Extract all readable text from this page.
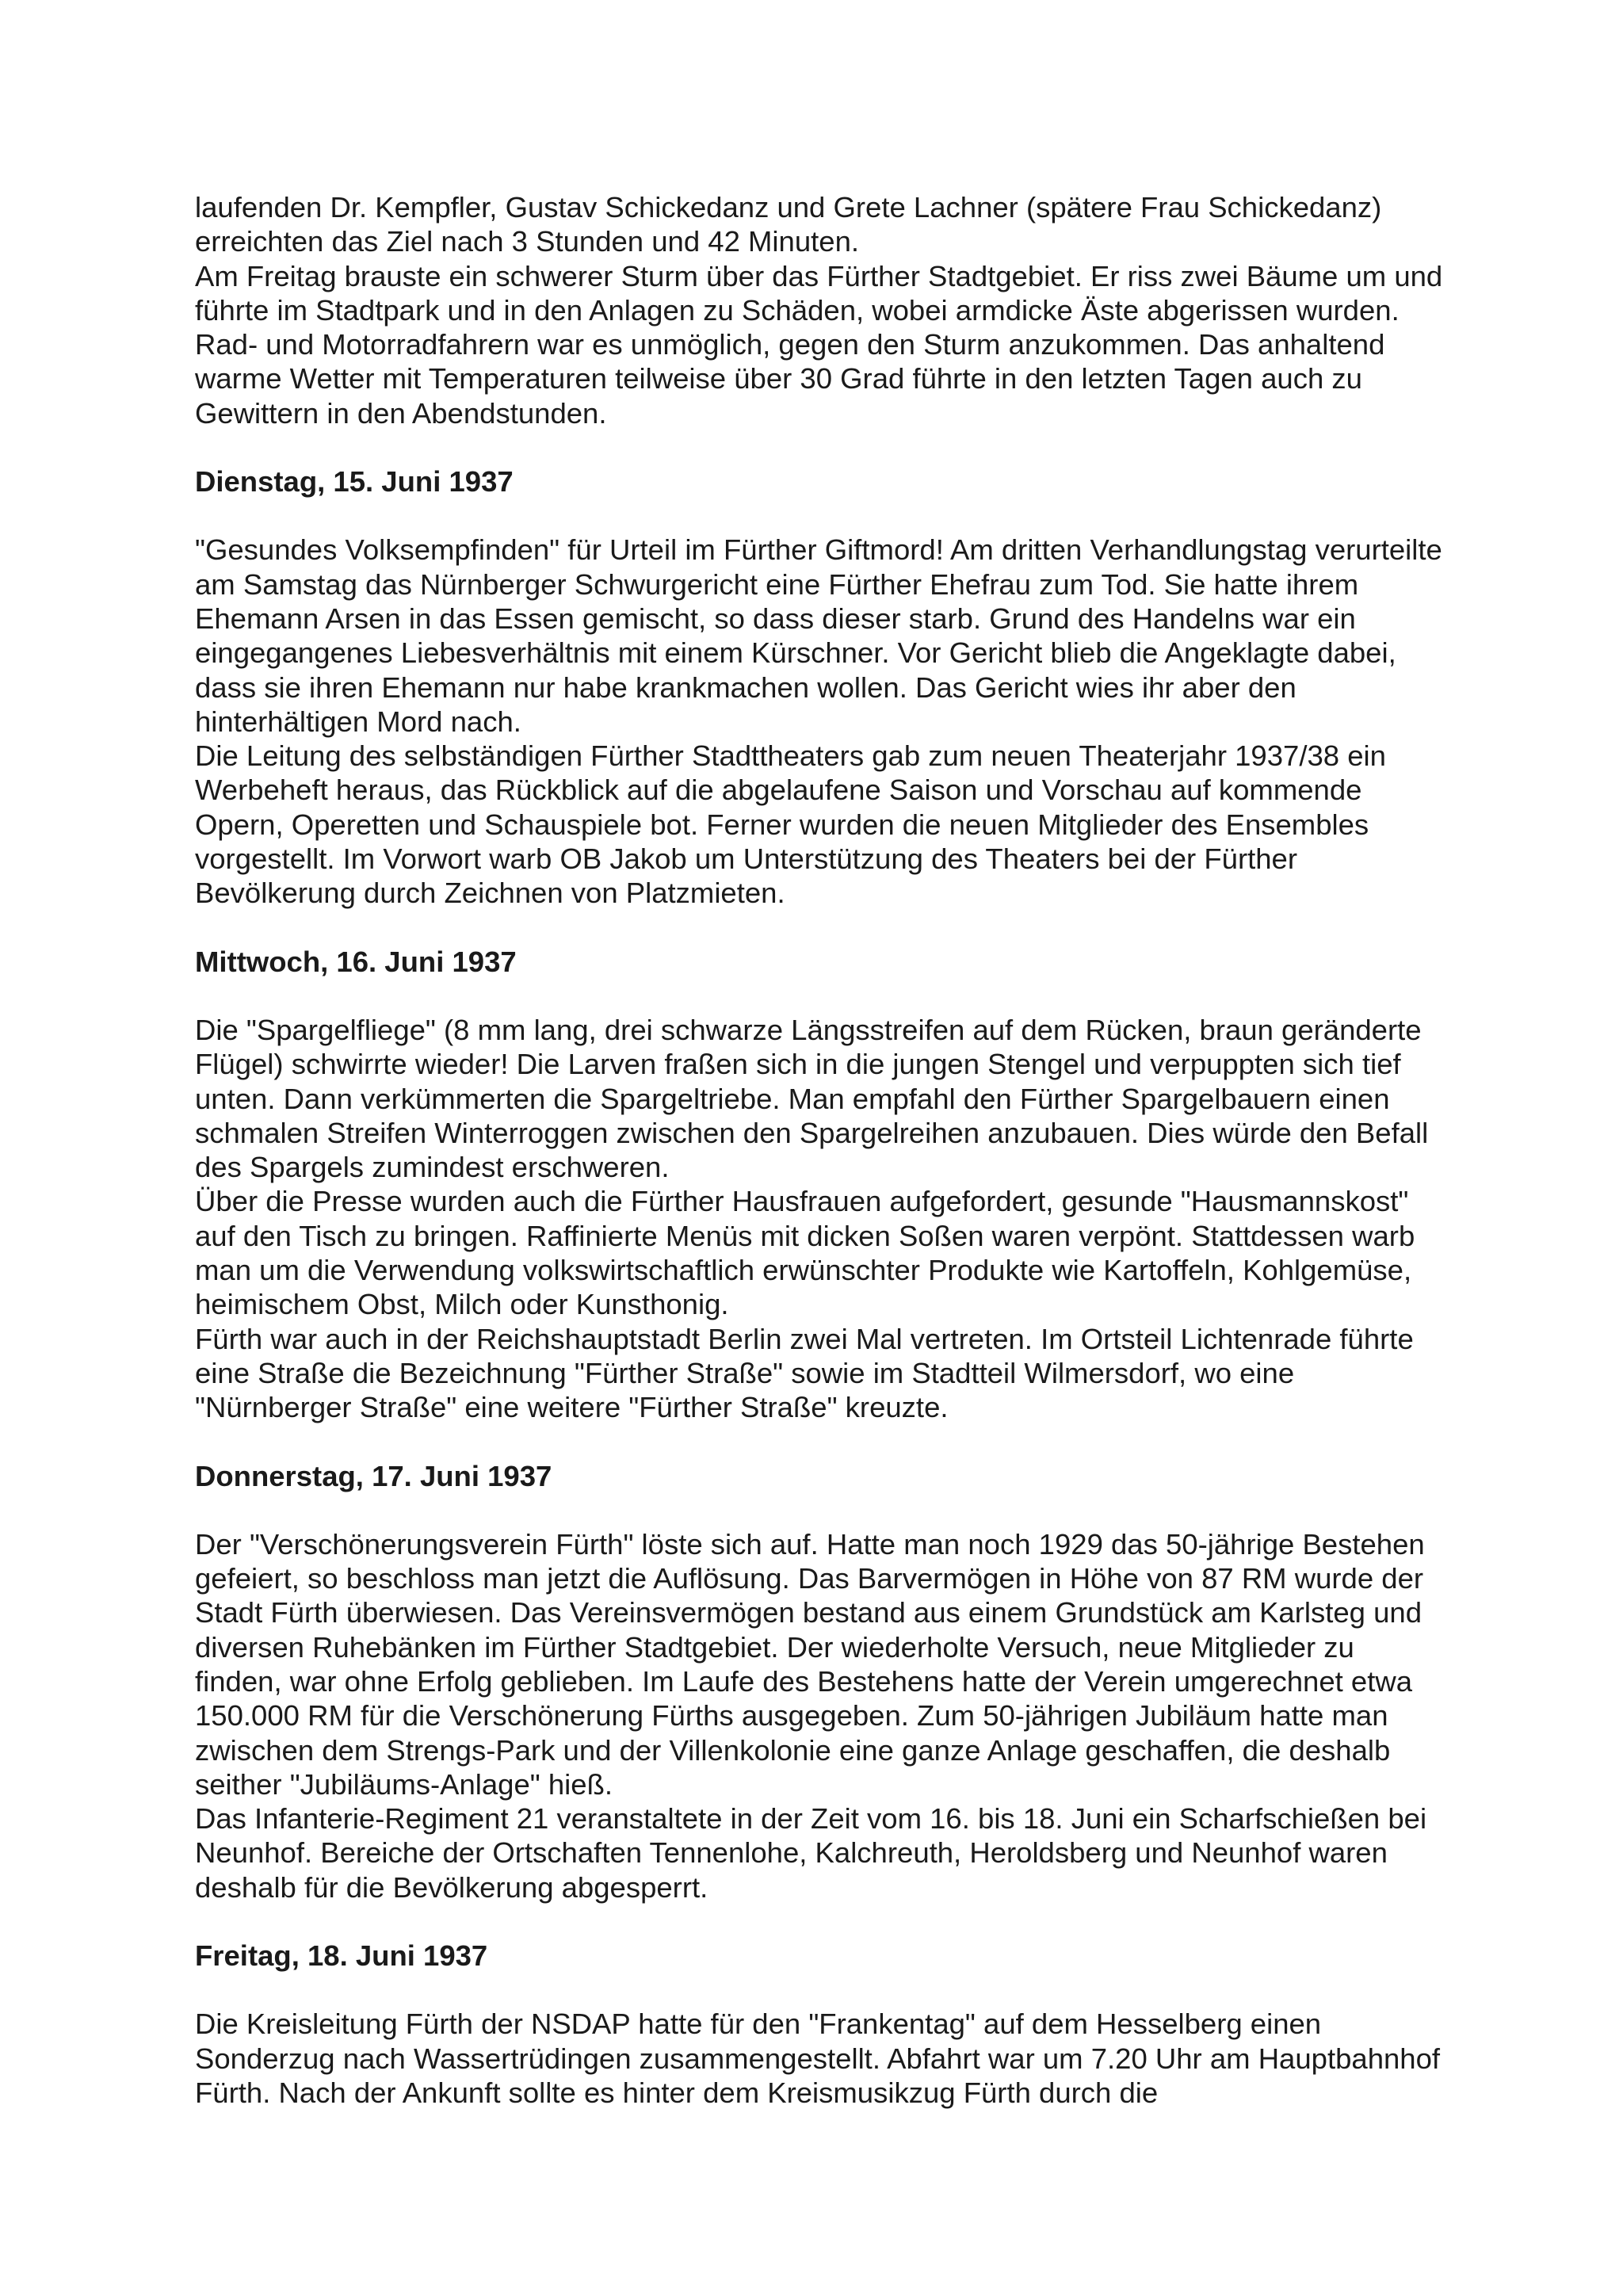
laufenden Dr. Kempfler, Gustav Schickedanz und Grete Lachner (spätere Frau Schickedanz) erreichten das Ziel nach 3 Stunden und 42 Minuten.

Am Freitag brauste ein schwerer Sturm über das Fürther Stadtgebiet. Er riss zwei Bäume um und führte im Stadtpark und in den Anlagen zu Schäden, wobei armdicke Äste abgerissen wurden. Rad- und Motorradfahrern war es unmöglich, gegen den Sturm anzukommen. Das anhaltend warme Wetter mit Temperaturen teilweise über 30 Grad führte in den letzten Tagen auch zu Gewittern in den Abendstunden.

Dienstag, 15. Juni 1937

"Gesundes Volksempfinden" für Urteil im Fürther Giftmord! Am dritten Verhandlungstag verurteilte am Samstag das Nürnberger Schwurgericht eine Fürther Ehefrau zum Tod. Sie hatte ihrem Ehemann Arsen in das Essen gemischt, so dass dieser starb. Grund des Handelns war ein eingegangenes Liebesverhältnis mit einem Kürschner. Vor Gericht blieb die Angeklagte dabei, dass sie ihren Ehemann nur habe krankmachen wollen. Das Gericht wies ihr aber den hinterhältigen Mord nach.

Die Leitung des selbständigen Fürther Stadttheaters gab zum neuen Theaterjahr 1937/38 ein Werbeheft heraus, das Rückblick auf die abgelaufene Saison und Vorschau auf kommende Opern, Operetten und Schauspiele bot. Ferner wurden die neuen Mitglieder des Ensembles vorgestellt. Im Vorwort warb OB Jakob um Unterstützung des Theaters bei der Fürther Bevölkerung durch Zeichnen von Platzmieten.

Mittwoch, 16. Juni 1937

Die "Spargelfliege" (8 mm lang, drei schwarze Längsstreifen auf dem Rücken, braun geränderte Flügel) schwirrte wieder! Die Larven fraßen sich in die jungen Stengel und verpuppten sich tief unten. Dann verkümmerten die Spargeltriebe. Man empfahl den Fürther Spargelbauern einen schmalen Streifen Winterroggen zwischen den Spargelreihen anzubauen. Dies würde den Befall des Spargels zumindest erschweren.

Über die Presse wurden auch die Fürther Hausfrauen aufgefordert, gesunde "Hausmannskost" auf den Tisch zu bringen. Raffinierte Menüs mit dicken Soßen waren verpönt. Stattdessen warb man um die Verwendung volkswirtschaftlich erwünschter Produkte wie Kartoffeln, Kohlgemüse, heimischem Obst, Milch oder Kunsthonig.

Fürth war auch in der Reichshauptstadt Berlin zwei Mal vertreten. Im Ortsteil Lichtenrade führte eine Straße die Bezeichnung "Fürther Straße" sowie im Stadtteil Wilmersdorf, wo eine "Nürnberger Straße" eine weitere "Fürther Straße" kreuzte.

Donnerstag, 17. Juni 1937

Der "Verschönerungsverein Fürth" löste sich auf. Hatte man noch 1929 das 50-jährige Bestehen gefeiert, so beschloss man jetzt die Auflösung. Das Barvermögen in Höhe von 87 RM wurde der Stadt Fürth überwiesen. Das Vereinsvermögen bestand aus einem Grundstück am Karlsteg und diversen Ruhebänken im Fürther Stadtgebiet. Der wiederholte Versuch, neue Mitglieder zu finden, war ohne Erfolg geblieben. Im Laufe des Bestehens hatte der Verein umgerechnet etwa 150.000 RM für die Verschönerung Fürths ausgegeben. Zum 50-jährigen Jubiläum hatte man zwischen dem Strengs-Park und der Villenkolonie eine ganze Anlage geschaffen, die deshalb seither "Jubiläums-Anlage" hieß.

Das Infanterie-Regiment 21 veranstaltete in der Zeit vom 16. bis 18. Juni ein Scharfschießen bei Neunhof. Bereiche der Ortschaften Tennenlohe, Kalchreuth, Heroldsberg und Neunhof waren deshalb für die Bevölkerung abgesperrt.

Freitag, 18. Juni 1937

Die Kreisleitung Fürth der NSDAP hatte für den "Frankentag" auf dem Hesselberg einen Sonderzug nach Wassertrüdingen zusammengestellt. Abfahrt war um 7.20 Uhr am Hauptbahnhof Fürth. Nach der Ankunft sollte es hinter dem Kreismusikzug Fürth durch die
